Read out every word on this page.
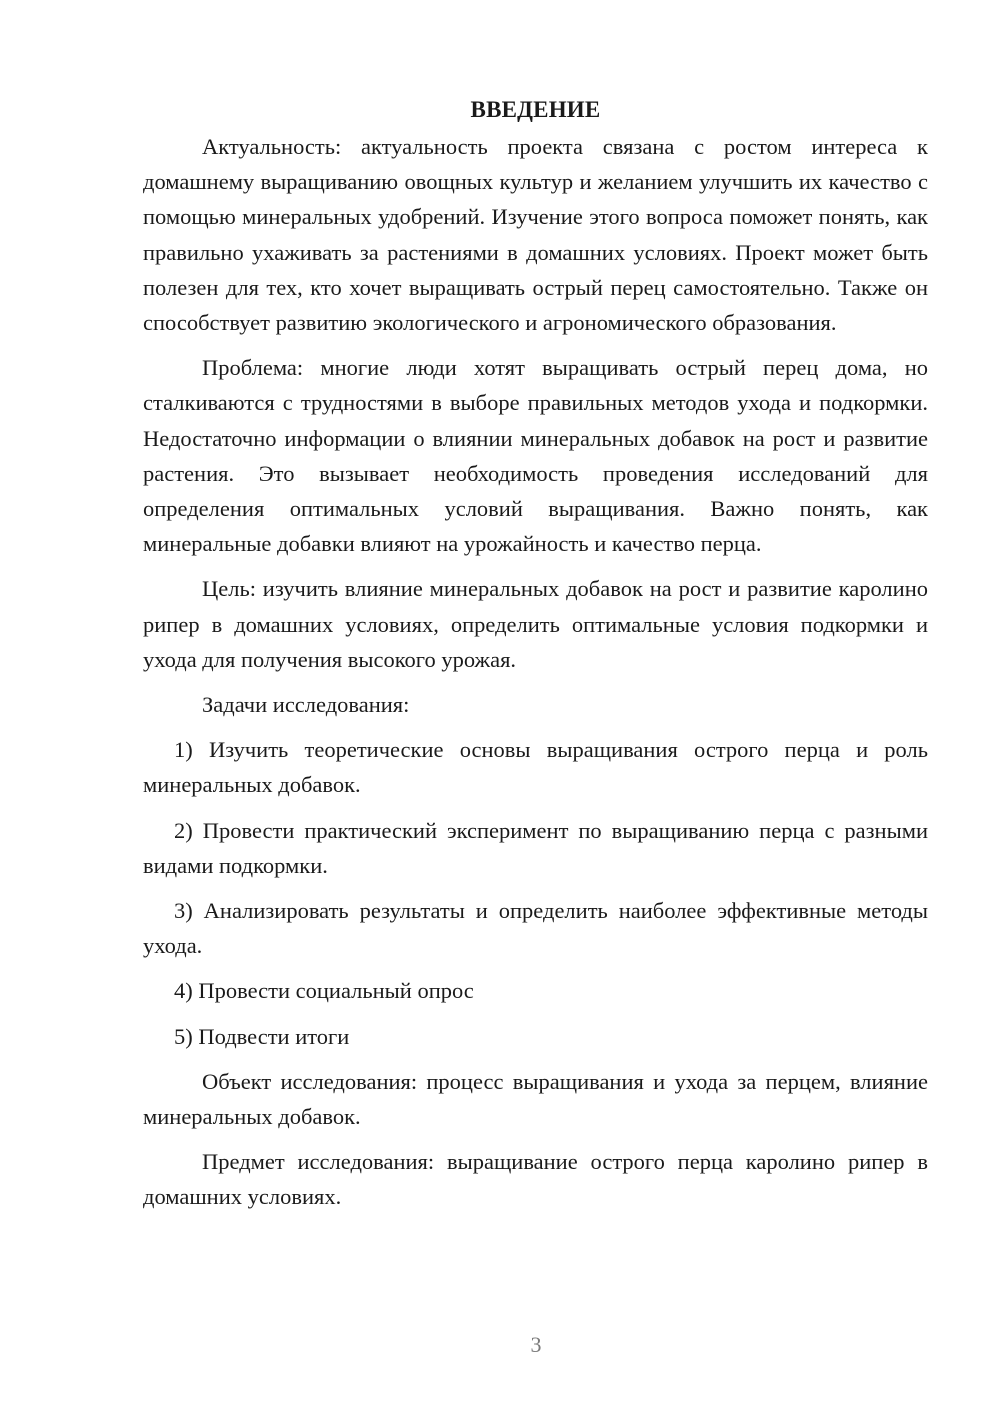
ВВЕДЕНИЕ

Актуальность: актуальность проекта связана с ростом интереса к домашнему выращиванию овощных культур и желанием улучшить их качество с помощью минеральных удобрений. Изучение этого вопроса поможет понять, как правильно ухаживать за растениями в домашних условиях. Проект может быть полезен для тех, кто хочет выращивать острый перец самостоятельно. Также он способствует развитию экологического и агрономического образования.

Проблема: многие люди хотят выращивать острый перец дома, но сталкиваются с трудностями в выборе правильных методов ухода и подкормки. Недостаточно информации о влиянии минеральных добавок на рост и развитие растения. Это вызывает необходимость проведения исследований для определения оптимальных условий выращивания. Важно понять, как минеральные добавки влияют на урожайность и качество перца.

Цель: изучить влияние минеральных добавок на рост и развитие каролино рипер в домашних условиях, определить оптимальные условия подкормки и ухода для получения высокого урожая.

Задачи исследования:

1) Изучить теоретические основы выращивания острого перца и роль минеральных добавок.

2) Провести практический эксперимент по выращиванию перца с разными видами подкормки.

3) Анализировать результаты и определить наиболее эффективные методы ухода.

4) Провести социальный опрос

5) Подвести итоги

Объект исследования: процесс выращивания и ухода за перцем, влияние минеральных добавок.

Предмет исследования: выращивание острого перца каролино рипер в домашних условиях.

3
